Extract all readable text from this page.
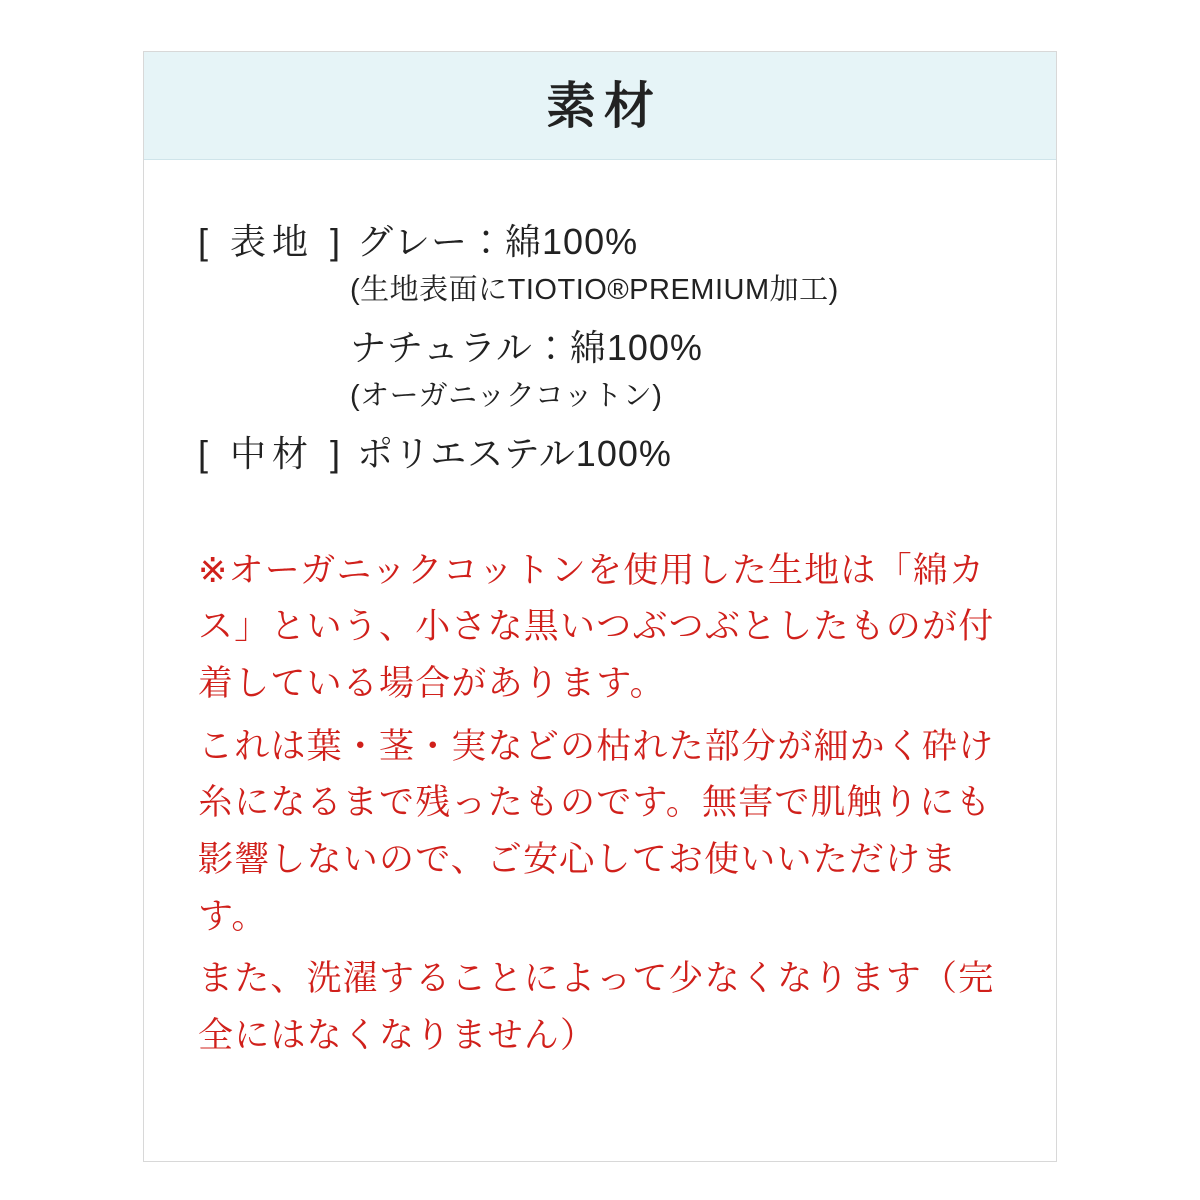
素材
[ 表地 ] グレー：綿100%
(生地表面にTIOTIO®PREMIUM加工)
ナチュラル：綿100%
(オーガニックコットン)
[ 中材 ] ポリエステル100%

※オーガニックコットンを使用した生地は「綿カス」という、小さな黒いつぶつぶとしたものが付着している場合があります。

これは葉・茎・実などの枯れた部分が細かく砕け糸になるまで残ったものです。無害で肌触りにも影響しないので、ご安心してお使いいただけます。

また、洗濯することによって少なくなります（完全にはなくなりません）
